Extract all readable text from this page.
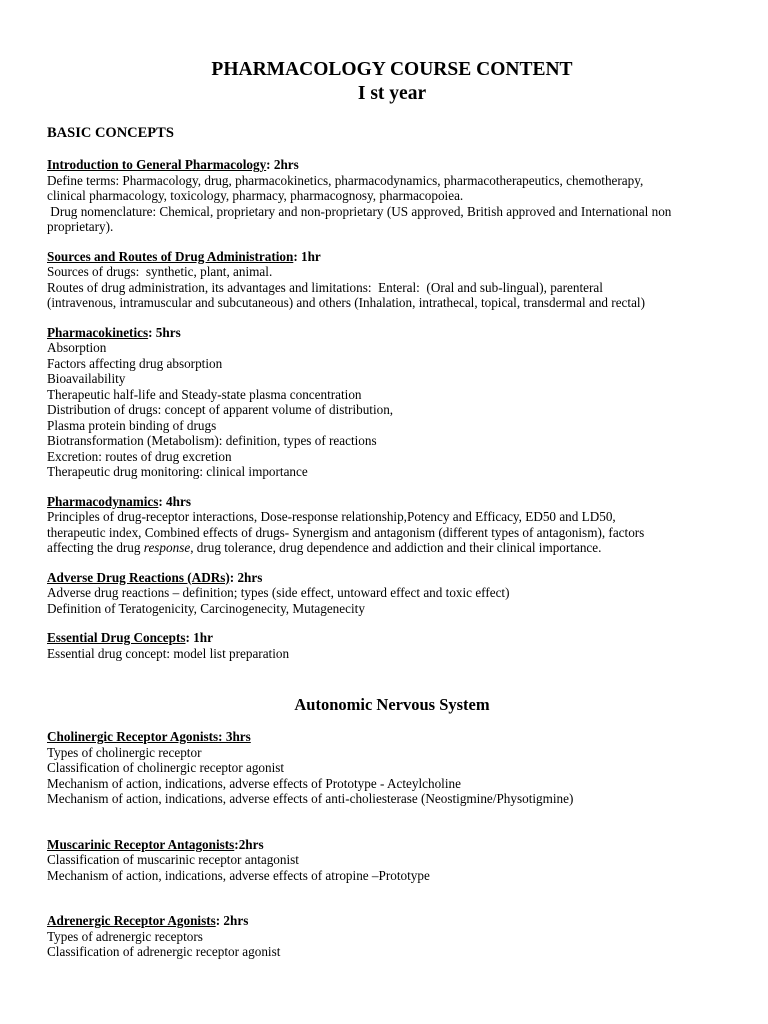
PHARMACOLOGY COURSE CONTENT
I st year
BASIC CONCEPTS
Introduction to General Pharmacology: 2hrs
Define terms: Pharmacology, drug, pharmacokinetics, pharmacodynamics, pharmacotherapeutics, chemotherapy,
clinical pharmacology, toxicology, pharmacy, pharmacognosy, pharmacopoiea.
Drug nomenclature: Chemical, proprietary and non-proprietary (US approved, British approved and International non
proprietary).
Sources and Routes of Drug Administration: 1hr
Sources of drugs:  synthetic, plant, animal.
Routes of drug administration, its advantages and limitations:  Enteral:  (Oral and sub-lingual), parenteral
(intravenous, intramuscular and subcutaneous) and others (Inhalation, intrathecal, topical, transdermal and rectal)
Pharmacokinetics: 5hrs
Absorption
Factors affecting drug absorption
Bioavailability
Therapeutic half-life and Steady-state plasma concentration
Distribution of drugs: concept of apparent volume of distribution,
Plasma protein binding of drugs
Biotransformation (Metabolism): definition, types of reactions
Excretion: routes of drug excretion
Therapeutic drug monitoring: clinical importance
Pharmacodynamics: 4hrs
Principles of drug-receptor interactions, Dose-response relationship,Potency and Efficacy, ED50 and LD50,
therapeutic index, Combined effects of drugs- Synergism and antagonism (different types of antagonism), factors
affecting the drug response, drug tolerance, drug dependence and addiction and their clinical importance.
Adverse Drug Reactions (ADRs): 2hrs
Adverse drug reactions – definition; types (side effect, untoward effect and toxic effect)
Definition of Teratogenicity, Carcinogenecity, Mutagenecity
Essential Drug Concepts: 1hr
Essential drug concept: model list preparation
Autonomic Nervous System
Cholinergic Receptor Agonists: 3hrs
Types of cholinergic receptor
Classification of cholinergic receptor agonist
Mechanism of action, indications, adverse effects of Prototype - Acteylcholine
Mechanism of action, indications, adverse effects of anti-choliesterase (Neostigmine/Physotigmine)
Muscarinic Receptor Antagonists:2hrs
Classification of muscarinic receptor antagonist
Mechanism of action, indications, adverse effects of atropine –Prototype
Adrenergic Receptor Agonists: 2hrs
Types of adrenergic receptors
Classification of adrenergic receptor agonist
